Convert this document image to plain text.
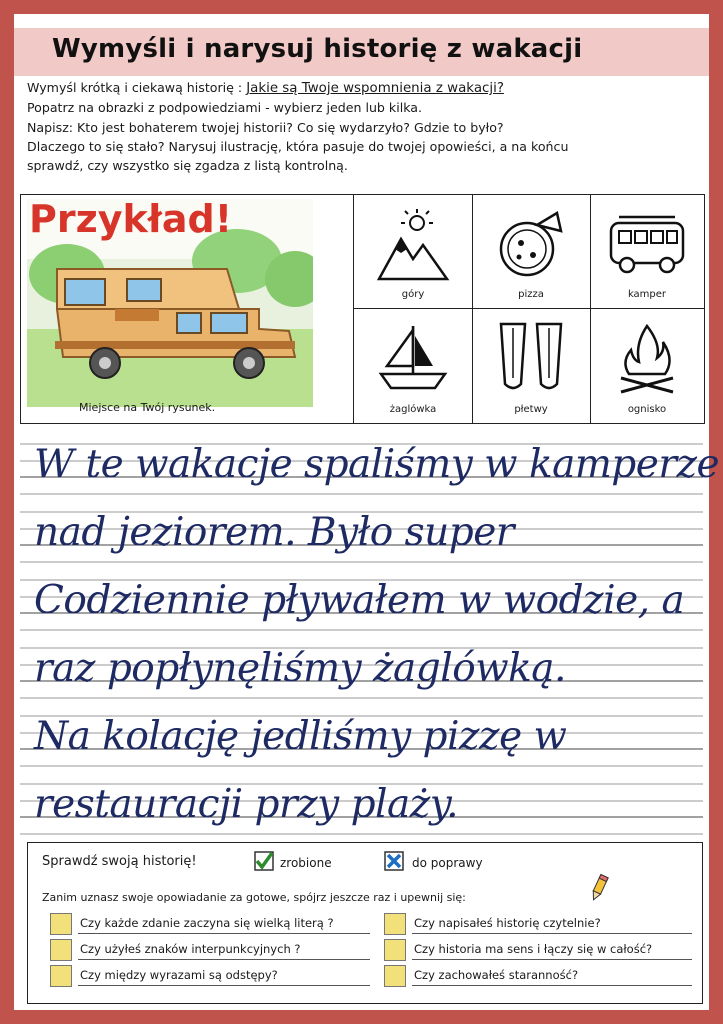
Wymyśli i narysuj historię z wakacji
Wymyśl krótką i ciekawą historię : Jakie są Twoje wspomnienia z wakacji?
Popatrz na obrazki z podpowiedziami - wybierz jeden lub kilka.
Napisz: Kto jest bohaterem twojej historii? Co się wydarzyło? Gdzie to było?
Dlaczego to się stało? Narysuj ilustrację, która pasuje do twojej opowieści, a na końcu
sprawdź, czy wszystko się zgadza z listą kontrolną.
Przykład!
Miejsce na Twój rysunek.
góry	pizza	kamper
żaglówka	płetwy	ognisko
W te wakacje spaliśmy w kamperze
nad jeziorem. Było super
Codziennie pływałem w wodzie, a
raz popłynęliśmy żaglówką.
Na kolację jedliśmy pizzę w
restauracji przy plaży.
Sprawdź swoją historię!	zrobione	do poprawy
Zanim uznasz swoje opowiadanie za gotowe, spójrz jeszcze raz i upewnij się:
Czy każde zdanie zaczyna się wielką literą ?	Czy napisałeś historię czytelnie?
Czy użyłeś znaków interpunkcyjnych ?	Czy historia ma sens i łączy się w całość?
Czy między wyrazami są odstępy?	Czy zachowałeś staranność?
